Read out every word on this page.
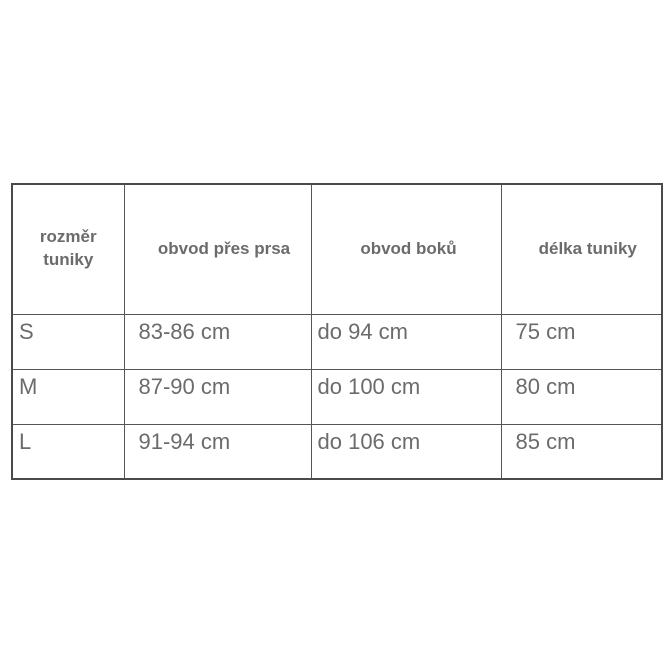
rozměr tuniky	obvod přes prsa	obvod boků	délka tuniky
S	83-86 cm	do 94 cm	75 cm
M	87-90 cm	do 100 cm	80 cm
L	91-94 cm	do 106 cm	85 cm
